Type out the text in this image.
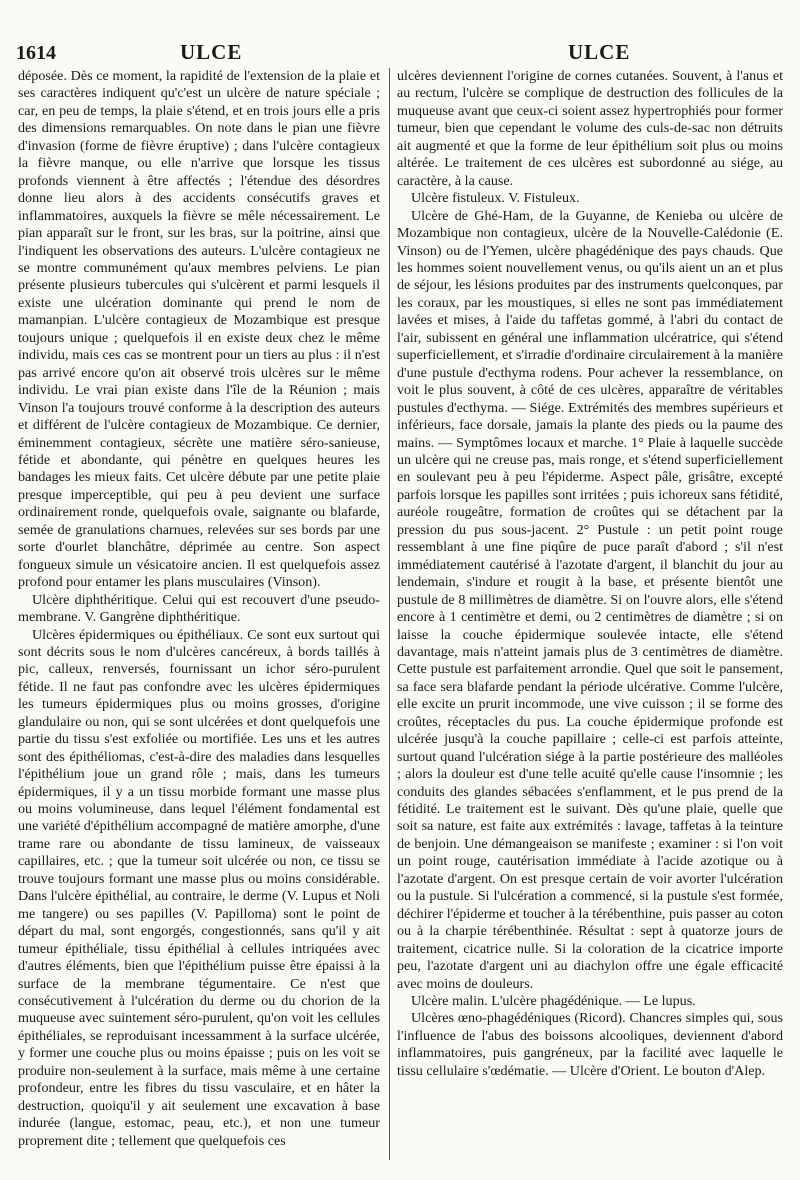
1614	ULCE	ULCE

déposée. Dès ce moment, la rapidité de l'extension de la plaie et ses caractères indiquent qu'c'est un ulcère de nature spéciale ; car, en peu de temps, la plaie s'étend, et en trois jours elle a pris des dimensions remarquables. On note dans le pian une fièvre d'invasion (forme de fièvre éruptive) ; dans l'ulcère contagieux la fièvre manque, ou elle n'arrive que lorsque les tissus profonds viennent à être affectés ; l'étendue des désordres donne lieu alors à des accidents consécutifs graves et inflammatoires, auxquels la fièvre se mêle nécessairement. Le pian apparaît sur le front, sur les bras, sur la poitrine, ainsi que l'indiquent les observations des auteurs. L'ulcère contagieux ne se montre communément qu'aux membres pelviens. Le pian présente plusieurs tubercules qui s'ulcèrent et parmi lesquels il existe une ulcération dominante qui prend le nom de mamanpian. L'ulcère contagieux de Mozambique est presque toujours unique ; quelquefois il en existe deux chez le même individu, mais ces cas se montrent pour un tiers au plus : il n'est pas arrivé encore qu'on ait observé trois ulcères sur le même individu. Le vrai pian existe dans l'île de la Réunion ; mais Vinson l'a toujours trouvé conforme à la description des auteurs et différent de l'ulcère contagieux de Mozambique. Ce dernier, éminemment contagieux, sécrète une matière séro-sanieuse, fétide et abondante, qui pénètre en quelques heures les bandages les mieux faits. Cet ulcère débute par une petite plaie presque imperceptible, qui peu à peu devient une surface ordinairement ronde, quelquefois ovale, saignante ou blafarde, semée de granulations charnues, relevées sur ses bords par une sorte d'ourlet blanchâtre, déprimée au centre. Son aspect fongueux simule un vésicatoire ancien. Il est quelquefois assez profond pour entamer les plans musculaires (Vinson).

Ulcère diphthéritique. Celui qui est recouvert d'une pseudo-membrane. V. Gangrène diphthéritique.

Ulcères épidermiques ou épithéliaux. Ce sont eux surtout qui sont décrits sous le nom d'ulcères cancéreux, à bords taillés à pic, calleux, renversés, fournissant un ichor séro-purulent fétide. Il ne faut pas confondre avec les ulcères épidermiques les tumeurs épidermiques plus ou moins grosses, d'origine glandulaire ou non, qui se sont ulcérées et dont quelquefois une partie du tissu s'est exfoliée ou mortifiée. Les uns et les autres sont des épithéliomas, c'est-à-dire des maladies dans lesquelles l'épithélium joue un grand rôle ; mais, dans les tumeurs épidermiques, il y a un tissu morbide formant une masse plus ou moins volumineuse, dans lequel l'élément fondamental est une variété d'épithélium accompagné de matière amorphe, d'une trame rare ou abondante de tissu lamineux, de vaisseaux capillaires, etc. ; que la tumeur soit ulcérée ou non, ce tissu se trouve toujours formant une masse plus ou moins considérable. Dans l'ulcère épithélial, au contraire, le derme (V. Lupus et Noli me tangere) ou ses papilles (V. Papilloma) sont le point de départ du mal, sont engorgés, congestionnés, sans qu'il y ait tumeur épithéliale, tissu épithélial à cellules intriquées avec d'autres éléments, bien que l'épithélium puisse être épaissi à la surface de la membrane tégumentaire. Ce n'est que consécutivement à l'ulcération du derme ou du chorion de la muqueuse avec suintement séro-purulent, qu'on voit les cellules épithéliales, se reproduisant incessamment à la surface ulcérée, y former une couche plus ou moins épaisse ; puis on les voit se produire non-seulement à la surface, mais même à une certaine profondeur, entre les fibres du tissu vasculaire, et en hâter la destruction, quoiqu'il y ait seulement une excavation à base indurée (langue, estomac, peau, etc.), et non une tumeur proprement dite ; tellement que quelquefois ces

ulcères deviennent l'origine de cornes cutanées. Souvent, à l'anus et au rectum, l'ulcère se complique de destruction des follicules de la muqueuse avant que ceux-ci soient assez hypertrophiés pour former tumeur, bien que cependant le volume des culs-de-sac non détruits ait augmenté et que la forme de leur épithélium soit plus ou moins altérée. Le traitement de ces ulcères est subordonné au siége, au caractère, à la cause.

Ulcère fistuleux. V. Fistuleux.

Ulcère de Ghé-Ham, de la Guyanne, de Kenieba ou ulcère de Mozambique non contagieux, ulcère de la Nouvelle-Calédonie (E. Vinson) ou de l'Yemen, ulcère phagédénique des pays chauds. Que les hommes soient nouvellement venus, ou qu'ils aient un an et plus de séjour, les lésions produites par des instruments quelconques, par les coraux, par les moustiques, si elles ne sont pas immédiatement lavées et mises, à l'aide du taffetas gommé, à l'abri du contact de l'air, subissent en général une inflammation ulcératrice, qui s'étend superficiellement, et s'irradie d'ordinaire circulairement à la manière d'une pustule d'ecthyma rodens. Pour achever la ressemblance, on voit le plus souvent, à côté de ces ulcères, apparaître de véritables pustules d'ecthyma. — Siége. Extrémités des membres supérieurs et inférieurs, face dorsale, jamais la plante des pieds ou la paume des mains. — Symptômes locaux et marche. 1° Plaie à laquelle succède un ulcère qui ne creuse pas, mais ronge, et s'étend superficiellement en soulevant peu à peu l'épiderme. Aspect pâle, grisâtre, excepté parfois lorsque les papilles sont irritées ; puis ichoreux sans fétidité, auréole rougeâtre, formation de croûtes qui se détachent par la pression du pus sous-jacent. 2° Pustule : un petit point rouge ressemblant à une fine piqûre de puce paraît d'abord ; s'il n'est immédiatement cautérisé à l'azotate d'argent, il blanchit du jour au lendemain, s'indure et rougit à la base, et présente bientôt une pustule de 8 millimètres de diamètre. Si on l'ouvre alors, elle s'étend encore à 1 centimètre et demi, ou 2 centimètres de diamètre ; si on laisse la couche épidermique soulevée intacte, elle s'étend davantage, mais n'atteint jamais plus de 3 centimètres de diamètre. Cette pustule est parfaitement arrondie. Quel que soit le pansement, sa face sera blafarde pendant la période ulcérative. Comme l'ulcère, elle excite un prurit incommode, une vive cuisson ; il se forme des croûtes, réceptacles du pus. La couche épidermique profonde est ulcérée jusqu'à la couche papillaire ; celle-ci est parfois atteinte, surtout quand l'ulcération siége à la partie postérieure des malléoles ; alors la douleur est d'une telle acuité qu'elle cause l'insomnie ; les conduits des glandes sébacées s'enflamment, et le pus prend de la fétidité. Le traitement est le suivant. Dès qu'une plaie, quelle que soit sa nature, est faite aux extrémités : lavage, taffetas à la teinture de benjoin. Une démangeaison se manifeste ; examiner : si l'on voit un point rouge, cautérisation immédiate à l'acide azotique ou à l'azotate d'argent. On est presque certain de voir avorter l'ulcération ou la pustule. Si l'ulcération a commencé, si la pustule s'est formée, déchirer l'épiderme et toucher à la térébenthine, puis passer au coton ou à la charpie térébenthinée. Résultat : sept à quatorze jours de traitement, cicatrice nulle. Si la coloration de la cicatrice importe peu, l'azotate d'argent uni au diachylon offre une égale efficacité avec moins de douleurs.

Ulcère malin. L'ulcère phagédénique. — Le lupus.

Ulcères œno-phagédéniques (Ricord). Chancres simples qui, sous l'influence de l'abus des boissons alcooliques, deviennent d'abord inflammatoires, puis gangréneux, par la facilité avec laquelle le tissu cellulaire s'œdématie. — Ulcère d'Orient. Le bouton d'Alep.
